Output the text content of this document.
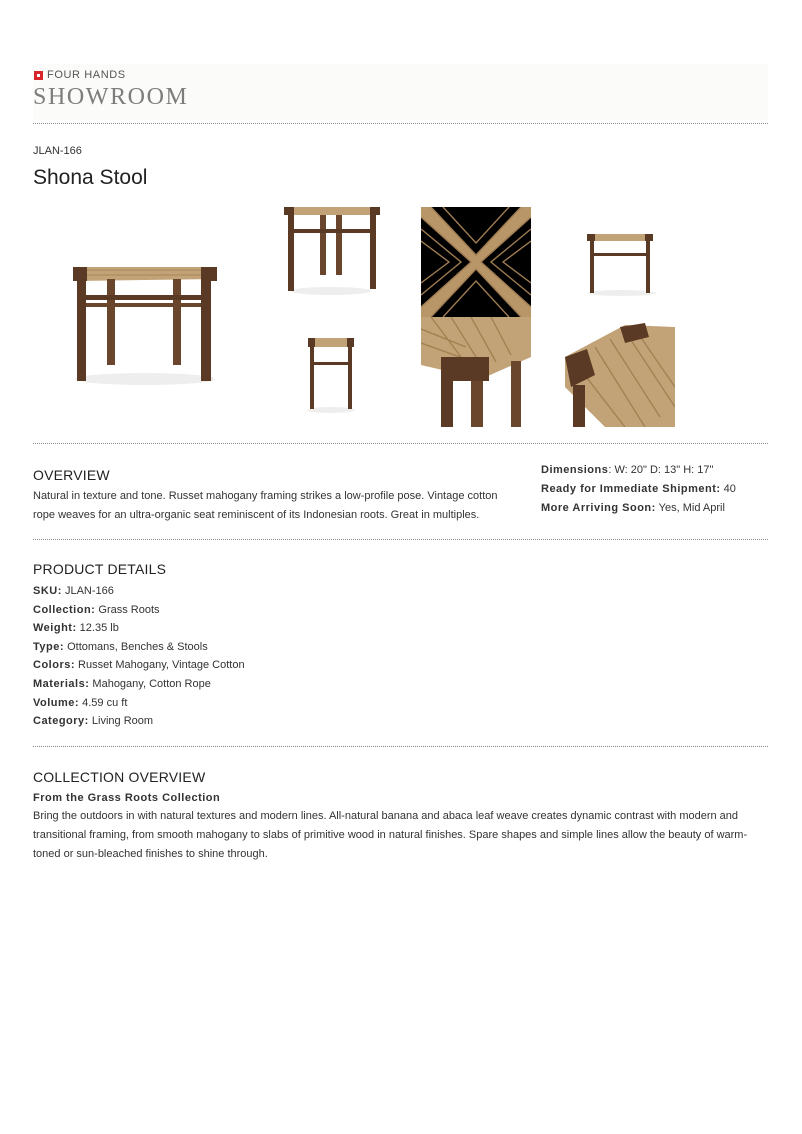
FOUR HANDS
SHOWROOM
JLAN-166
Shona Stool
OVERVIEW
Natural in texture and tone. Russet mahogany framing strikes a low-profile pose. Vintage cotton rope weaves for an ultra-organic seat reminiscent of its Indonesian roots. Great in multiples.
Dimensions: W: 20" D: 13" H: 17"
Ready for Immediate Shipment: 40
More Arriving Soon: Yes, Mid April
PRODUCT DETAILS
SKU: JLAN-166
Collection: Grass Roots
Weight: 12.35 lb
Type: Ottomans, Benches & Stools
Colors: Russet Mahogany, Vintage Cotton
Materials: Mahogany, Cotton Rope
Volume: 4.59 cu ft
Category: Living Room
COLLECTION OVERVIEW
From the Grass Roots Collection
Bring the outdoors in with natural textures and modern lines. All-natural banana and abaca leaf weave creates dynamic contrast with modern and transitional framing, from smooth mahogany to slabs of primitive wood in natural finishes. Spare shapes and simple lines allow the beauty of warm-toned or sun-bleached finishes to shine through.
